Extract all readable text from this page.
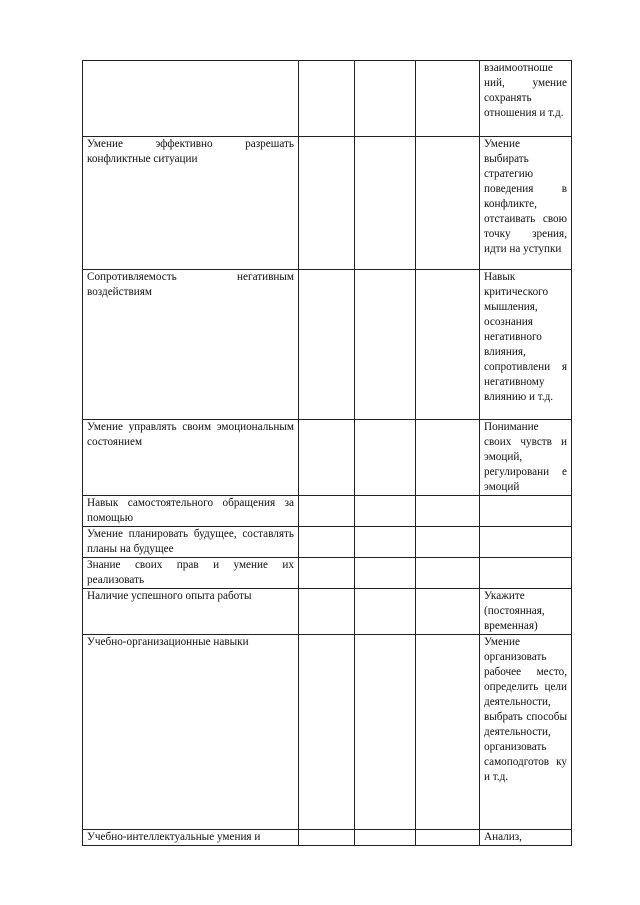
				взаимоотноше ний, умение сохранять отношения и т.д.

Умение эффективно разрешать конфликтные ситуации				Умение выбирать стратегию поведения в конфликте, отстаивать свою точку зрения, идти на уступки

Сопротивляемость негативным воздействиям				Навык критического мышления, осознания негативного влияния, сопротивлени я негативному влиянию и т.д.

Умение управлять своим эмоциональным состоянием				Понимание своих чувств и эмоций, регулировани е эмоций

Навык самостоятельного обращения за помощью				

Умение планировать будущее, составлять планы на будущее				

Знание своих прав и умение их реализовать				

Наличие успешного опыта работы				Укажите (постоянная, временная)

Учебно-организационные навыки				Умение организовать рабочее место, определить цели деятельности, выбрать способы деятельности, организовать самоподготов ку и т.д.

Учебно-интеллектуальные умения и				Анализ,
